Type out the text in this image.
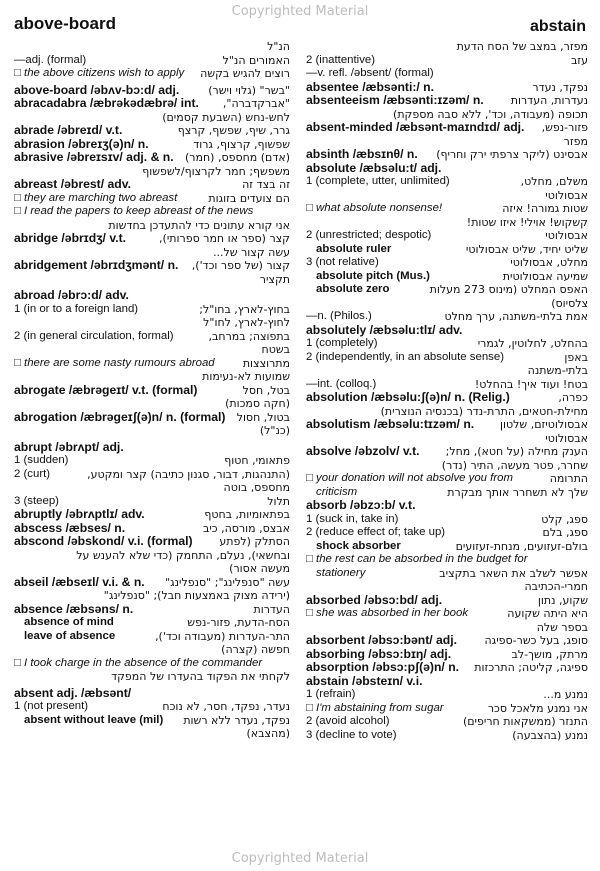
Copyrighted Material
above-board	abstain
הנ"ל
—adj. (formal)	האמורים הנ"ל
□ the above citizens wish to apply רוצים להגיש בקשה
above-board /əbʌv-bɔ:d/ adj.	"בשר" (גלוי וישר)
abracadabra /æbrəkədæbrə/ int. "אברקדברה",
לחש-נחש (השבעת קסמים)
abrade /əbreɪd/ v.t.	גרר, שיף, שפשף, קרצף
abrasion /əbreɪʒ(ə)n/ n.	שפשוף, קרצוף, גרוד
abrasive /əbreɪsɪv/ adj. & n. (אדם) מחספס, (חמר)
משפשף; חמר לקרצוף/לשפשוף
abreast /əbrest/ adv.	זה בצד זה
□ they are marching two abreast	הם צועדים בזוגות
□ I read the papers to keep abreast of the news
אני קורא עתונים כדי להתעדכן בחדשות
abridge /əbrɪdʒ/ v.t.	קצר (ספר או חמר ספרותי),
עשה קצור של...
abridgement /əbrɪdʒmənt/ n. קצור (של ספר וכד'),
תקציר
abroad /əbrɔ:d/ adv.
1 (in or to a foreign land)	בחוץ-לארץ, בחו"ל;
לחוץ-לארץ, לחו"ל
2 (in general circulation, formal)	בתפוצה; במרחב,
בשטח
□ there are some nasty rumours abroad	מתרוצצות
שמועות לא-נעימות
abrogate /æbrəgeɪt/ v.t. (formal)	בטל, חסל
(חקה סמכות)
abrogation /æbrəgeɪʃ(ə)n/ n. (formal) בטול, חסול
(כנ"ל)
abrupt /əbrʌpt/ adj.
1 (sudden)	פתאומי, חטוף
2 (curt)	(התנהגות, דבור, סגנון כתיבה) קצר ומקטע,
מחספס, בוטה
3 (steep)	תלול
abruptly /əbrʌptlɪ/ adv.	בפתאומיות, בחטף
abscess /æbses/ n.	אבצס, מורסה, כיב
abscond /əbskond/ v.i. (formal) הסתלק (לפתע
ובחשאי), נעלם, התחמק (כדי שלא להענש על
מעשה אסור)
abseil /æbseɪl/ v.i. & n. עשה "סנפלינג"; "סנפלינג"
(ירידה מצוק באמצעות חבל); "סנפלינג"
absence /æbsəns/ n.	העדרות
absence of mind	הסח-הדעת, פזור-נפש
leave of absence	התר-העדרות (מעבודה וכד'),
חפשה (קצרה)
□ I took charge in the absence of the commander
לקחתי את הפקוד בהעדרו של המפקד
absent adj. /æbsənt/
1 (not present)	נעדר, נפקד, חסר, לא נוכח
absent without leave (mil) נפקד, נעדר ללא רשות
(מהצבא)
מפזר, במצב של הסח הדעת
2 (inattentive)	עזב
—v. refl. /əbsent/ (formal)
absentee /æbsənti:/ n.	נפקד, נעדר
absenteeism /æbsənti:ɪzəm/ n. נעדרות, העדרות
תכופה (מעבודה, וכד', ללא סבה מספקת)
absent-minded /æbsənt-maɪndɪd/ adj. פזור-נפש,
מפזר
absinth /æbsɪnθ/ n. אבסינט (ליקר צרפתי ירק וחריף)
absolute /æbsəlu:t/ adj.
1 (complete, utter, unlimited)	משלם, מחלט,
אבסולוטי
□ what absolute nonsense!	שטות גמורה! איזה
קשקוש! אוילי! איזו שטות!
2 (unrestricted; despotic)	אבסולוטי
absolute ruler	שליט יחיד, שליט אבסולוטי
3 (not relative)	מחלט, אבסולוטי
absolute pitch (Mus.)	שמיעה אבסולוטית
absolute zero	האפס המחלט (מינוס 273 מעלות
צלסיוס)
—n. (Philos.)	אמת בלתי-משתנה, ערך מחלט
absolutely /æbsəlu:tlɪ/ adv.
1 (completely)	בהחלט, לחלוטין, לגמרי
2 (independently, in an absolute sense)	באפן
בלתי-משתנה
—int. (colloq.)	בטח! ועוד איך! בהחלט!
absolution /æbsəlu:ʃ(ə)n/ n. (Relig.)	כפרה,
מחילת-חטאים, התרת-נדר (בכנסיה הנוצרית)
absolutism /æbsəlu:tɪzəm/ n. אבסולוטיזם, שלטון
אבסולוטי
absolve /əbzolv/ v.t. הענק מחילה (על חטא), מחל;
שחרר, פטר מעשה, התיר (נדר)
□ your donation will not absolve you from	התרומה
criticism	שלך לא תשחרר אותך מבקרת
absorb /əbzɔ:b/ v.t.
1 (suck in, take in)	ספג, קלט
2 (reduce effect of; take up)	ספג, בלם
shock absorber	בולם-זעזועים, מנחת-זעזועים
□ the rest can be absorbed in the budget for
stationery	אפשר לשלב את השאר בתקציב
חמרי-הכתיבה
absorbed /əbsɔ:bd/ adj.	שקוע, נתון
□ she was absorbed in her book	היא היתה שקועה
בספר שלה
absorbent /əbsɔ:bənt/ adj. סופג, בעל כשר-ספיגה
absorbing /əbsɔ:bɪŋ/ adj.	מרתק, מושך-לב
absorption /əbsɔ:pʃ(ə)n/ n. ספיגה, קליטה; התרכזות
abstain /əbsteɪn/ v.i.
1 (refrain)	נמנע מ...
□ I'm abstaining from sugar	אני נמנע מלאכל סכר
2 (avoid alcohol)	התנזר (ממשקאות חריפים)
3 (decline to vote)	נמנע (בהצבעה)
Copyrighted Material
